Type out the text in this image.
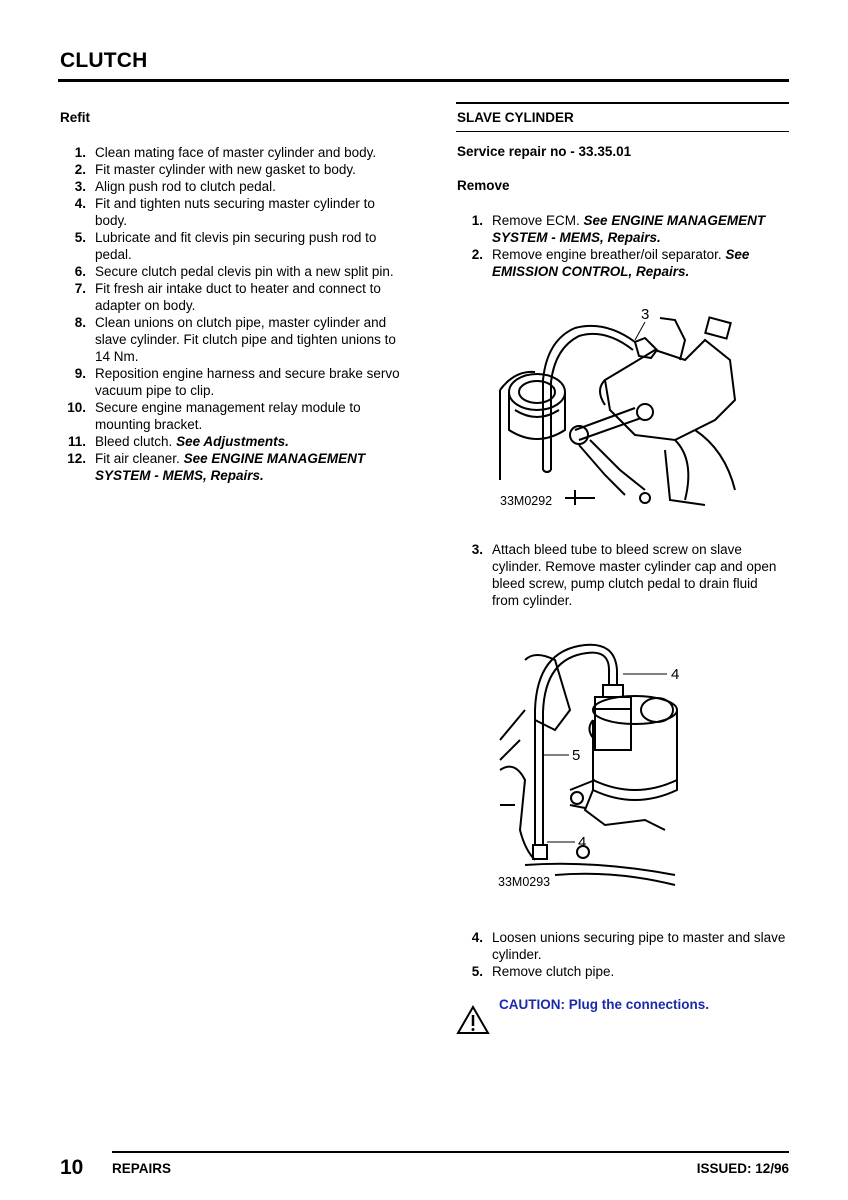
CLUTCH
Refit
1. Clean mating face of master cylinder and body.
2. Fit master cylinder with new gasket to body.
3. Align push rod to clutch pedal.
4. Fit and tighten nuts securing master cylinder to body.
5. Lubricate and fit clevis pin securing push rod to pedal.
6. Secure clutch pedal clevis pin with a new split pin.
7. Fit fresh air intake duct to heater and connect to adapter on body.
8. Clean unions on clutch pipe, master cylinder and slave cylinder. Fit clutch pipe and tighten unions to 14 Nm.
9. Reposition engine harness and secure brake servo vacuum pipe to clip.
10. Secure engine management relay module to mounting bracket.
11. Bleed clutch. See Adjustments.
12. Fit air cleaner. See ENGINE MANAGEMENT SYSTEM - MEMS, Repairs.
SLAVE CYLINDER
Service repair no - 33.35.01
Remove
1. Remove ECM. See ENGINE MANAGEMENT SYSTEM - MEMS, Repairs.
2. Remove engine breather/oil separator. See EMISSION CONTROL, Repairs.
3
33M0292
3. Attach bleed tube to bleed screw on slave cylinder. Remove master cylinder cap and open bleed screw, pump clutch pedal to drain fluid from cylinder.
4
5
4
33M0293
4. Loosen unions securing pipe to master and slave cylinder.
5. Remove clutch pipe.
CAUTION: Plug the connections.
10 REPAIRS	ISSUED: 12/96
